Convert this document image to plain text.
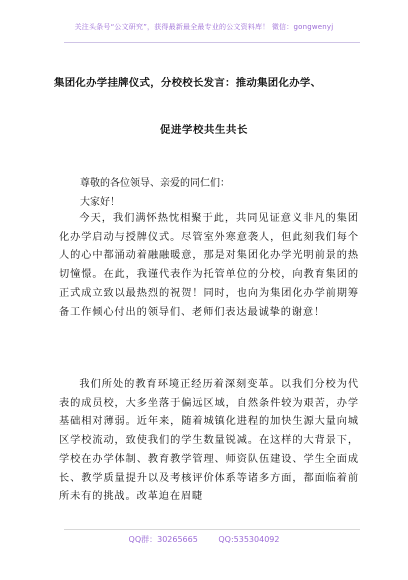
关注头条号“公文研究”，获得最新最全最专业的公文资料库！ 微信：gongwenyj
集团化办学挂牌仪式，分校校长发言：推动集团化办学、
促进学校共生共长
尊敬的各位领导、亲爱的同仁们：
大家好！
今天，我们满怀热忱相聚于此，共同见证意义非凡的集团化办学启动与授牌仪式。尽管室外寒意袭人，但此刻我们每个人的心中都涌动着融融暖意，那是对集团化办学光明前景的热切憧憬。在此，我谨代表作为托管单位的分校，向教育集团的正式成立致以最热烈的祝贺！同时，也向为集团化办学前期筹备工作倾心付出的领导们、老师们表达最诚挚的谢意！
我们所处的教育环境正经历着深刻变革。以我们分校为代表的成员校，大多坐落于偏远区域，自然条件较为艰苦，办学基础相对薄弱。近年来，随着城镇化进程的加快生源大量向城区学校流动，致使我们的学生数量锐减。在这样的大背景下，学校在办学体制、教育教学管理、师资队伍建设、学生全面成长、教学质量提升以及考核评价体系等诸多方面，都面临着前所未有的挑战。改革迫在眉睫
QQ群：30265665	QQ:535304092
